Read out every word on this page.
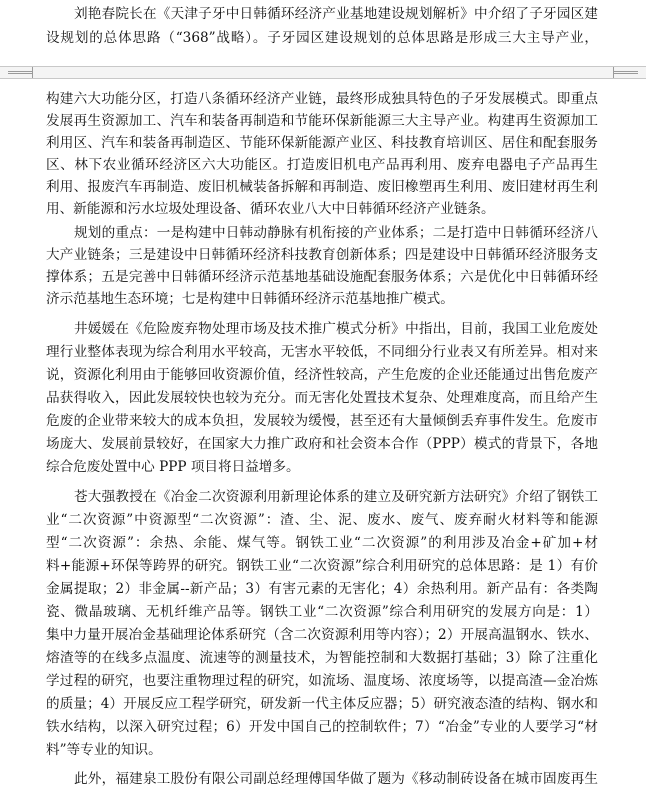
刘艳春院长在《天津子牙中日韩循环经济产业基地建设规划解析》中介绍了子牙园区建
设规划的总体思路（“368”战略）。子牙园区建设规划的总体思路是形成三大主导产业，
构建六大功能分区，打造八条循环经济产业链，最终形成独具特色的子牙发展模式。即重点
发展再生资源加工、汽车和装备再制造和节能环保新能源三大主导产业。构建再生资源加工
利用区、汽车和装备再制造区、节能环保新能源产业区、科技教育培训区、居住和配套服务
区、林下农业循环经济区六大功能区。打造废旧机电产品再利用、废弃电器电子产品再生
利用、报废汽车再制造、废旧机械装备拆解和再制造、废旧橡塑再生利用、废旧建材再生利
用、新能源和污水垃圾处理设备、循环农业八大中日韩循环经济产业链条。
规划的重点：一是构建中日韩动静脉有机衔接的产业体系；二是打造中日韩循环经济八
大产业链条；三是建设中日韩循环经济科技教育创新体系；四是建设中日韩循环经济服务支
撑体系；五是完善中日韩循环经济示范基地基础设施配套服务体系；六是优化中日韩循环经
济示范基地生态环境；七是构建中日韩循环经济示范基地推广模式。
井媛媛在《危险废弃物处理市场及技术推广模式分析》中指出，目前，我国工业危废处
理行业整体表现为综合利用水平较高，无害水平较低，不同细分行业表又有所差异。相对来
说，资源化利用由于能够回收资源价值，经济性较高，产生危废的企业还能通过出售危废产
品获得收入，因此发展较快也较为充分。而无害化处置技术复杂、处理难度高，而且给产生
危废的企业带来较大的成本负担，发展较为缓慢，甚至还有大量倾倒丢弃事件发生。危废市
场庞大、发展前景较好，在国家大力推广政府和社会资本合作（PPP）模式的背景下，各地
综合危废处置中心 PPP 项目将日益增多。
苍大强教授在《冶金二次资源利用新理论体系的建立及研究新方法研究》介绍了钢铁工
业“二次资源”中资源型“二次资源”：渣、尘、泥、废水、废气、废弃耐火材料等和能源
型“二次资源”：余热、余能、煤气等。钢铁工业“二次资源”的利用涉及冶金+矿加+材
料+能源+环保等跨界的研究。钢铁工业“二次资源”综合利用研究的总体思路：是 1）有价
金属提取；2）非金属--新产品；3）有害元素的无害化；4）余热利用。新产品有：各类陶
瓷、微晶玻璃、无机纤维产品等。钢铁工业“二次资源”综合利用研究的发展方向是：1）
集中力量开展冶金基础理论体系研究（含二次资源利用等内容）；2）开展高温钢水、铁水、
熔渣等的在线多点温度、流速等的测量技术，为智能控制和大数据打基础；3）除了注重化
学过程的研究，也要注重物理过程的研究，如流场、温度场、浓度场等，以提高渣—金冶炼
的质量；4）开展反应工程学研究，研发新一代主体反应器；5）研究液态渣的结构、钢水和
铁水结构，以深入研究过程；6）开发中国自己的控制软件；7）“冶金”专业的人要学习“材
料”等专业的知识。
此外，福建泉工股份有限公司副总经理傅国华做了题为《移动制砖设备在城市固废再生
